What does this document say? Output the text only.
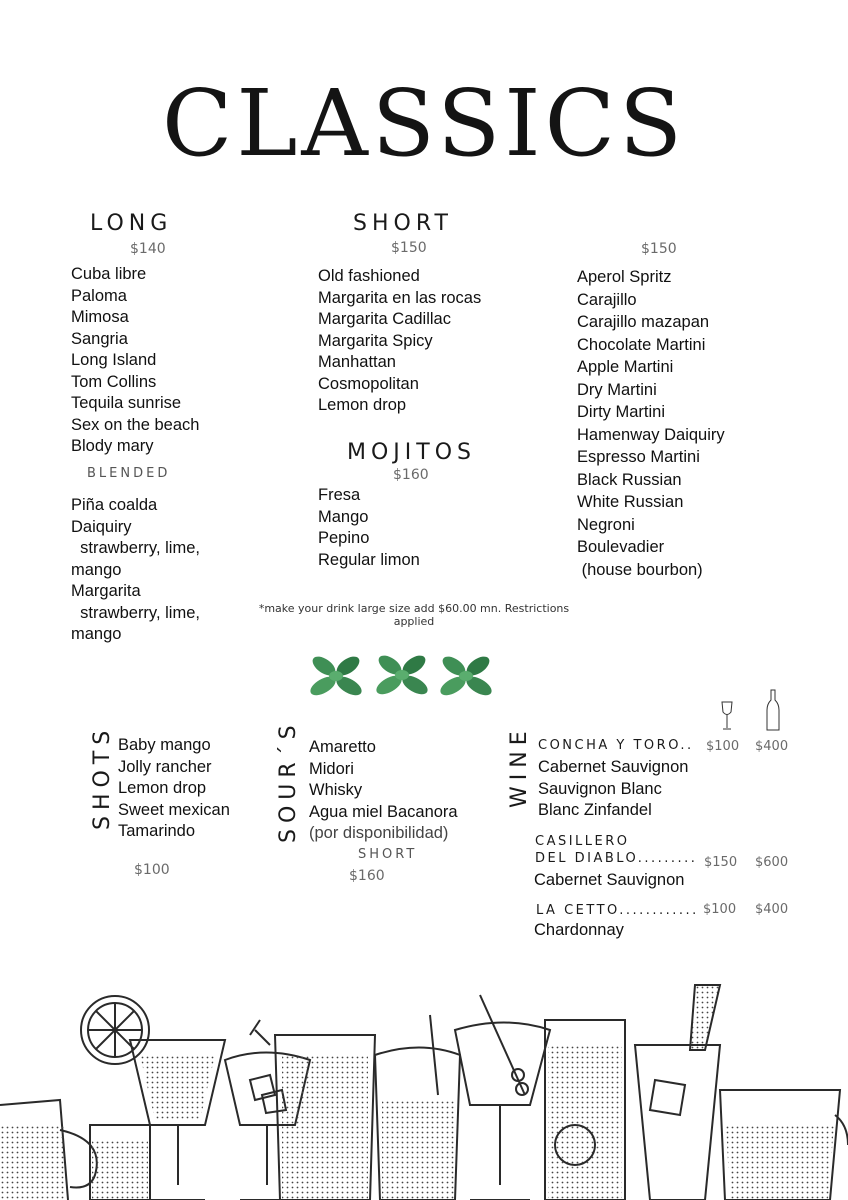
CLASSICS
LONG
$140
Cuba libre
Paloma
Mimosa
Sangria
Long Island
Tom Collins
Tequila sunrise
Sex on the beach
Blody mary
BLENDED
Piña coalda
Daiquiry
strawberry, lime,
mango
Margarita
strawberry, lime,
mango
SHORT
$150
Old fashioned
Margarita en las rocas
Margarita Cadillac
Margarita Spicy
Manhattan
Cosmopolitan
Lemon drop
MOJITOS
$160
Fresa
Mango
Pepino
Regular limon
$150
Aperol Spritz
Carajillo
Carajillo mazapan
Chocolate Martini
Apple Martini
Dry Martini
Dirty Martini
Hamenway Daiquiry
Espresso Martini
Black Russian
White Russian
Negroni
Boulevadier
(house bourbon)
*make your drink large size add $60.00 mn. Restrictions
applied
SHOTS Baby mango
Jolly rancher
Lemon drop
Sweet mexican
Tamarindo
$100
SOUR´S Amaretto
Midori
Whisky
Agua miel Bacanora
(por disponibilidad)
SHORT
$160
WINE CONCHA Y TORO.. $100 $400
Cabernet Sauvignon
Sauvignon Blanc
Blanc Zinfandel
CASILLERO
DEL DIABLO......... $150 $600
Cabernet Sauvignon
LA CETTO............ $100 $400
Chardonnay
